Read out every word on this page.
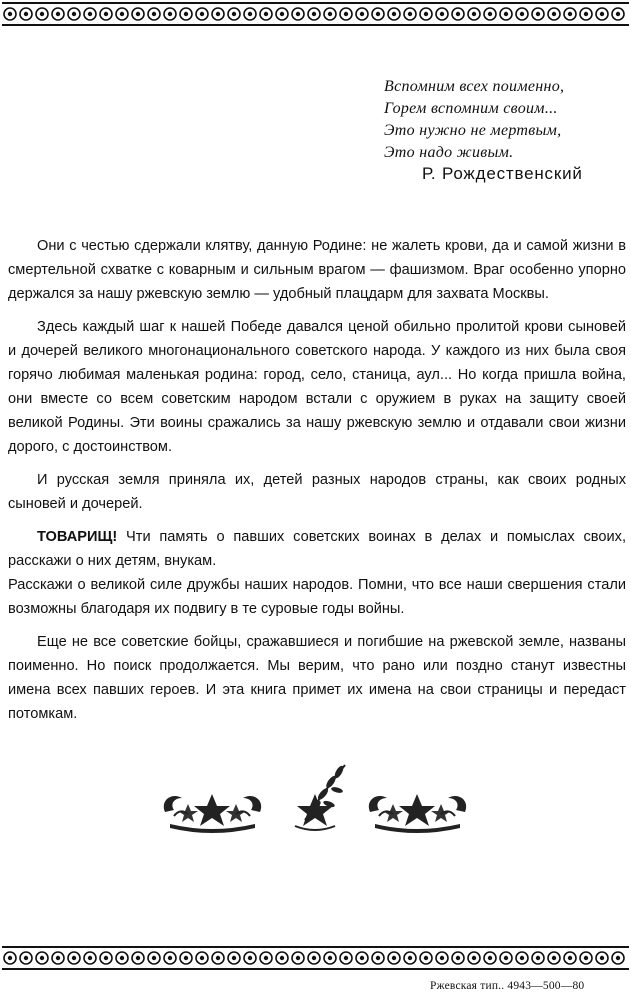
Вспомним всех поименно,
Горем вспомним своим...
Это нужно не мертвым,
Это надо живым.
Р. Рождественский

Они с честью сдержали клятву, данную Родине: не жалеть крови, да и самой жизни в смертельной схватке с коварным и сильным врагом — фашизмом. Враг особенно упорно держался за нашу ржевскую землю — удобный плацдарм для захвата Москвы.

Здесь каждый шаг к нашей Победе давался ценой обильно пролитой крови сыновей и дочерей великого многонационального советского народа. У каждого из них была своя горячо любимая маленькая родина: город, село, станица, аул... Но когда пришла война, они вместе со всем советским народом встали с оружием в руках на защиту своей великой Родины. Эти воины сражались за нашу ржевскую землю и отдавали свои жизни дорого, с достоинством.

И русская земля приняла их, детей разных народов страны, как своих родных сыновей и дочерей.

ТОВАРИЩ! Чти память о павших советских воинах в делах и помыслах своих, расскажи о них детям, внукам.

Расскажи о великой силе дружбы наших народов. Помни, что все наши свершения стали возможны благодаря их подвигу в те суровые годы войны.

Еще не все советские бойцы, сражавшиеся и погибшие на ржевской земле, названы поименно. Но поиск продолжается. Мы верим, что рано или поздно станут известны имена всех павших героев. И эта книга примет их имена на свои страницы и передаст потомкам.

Ржевская тип.. 4943—500—80
